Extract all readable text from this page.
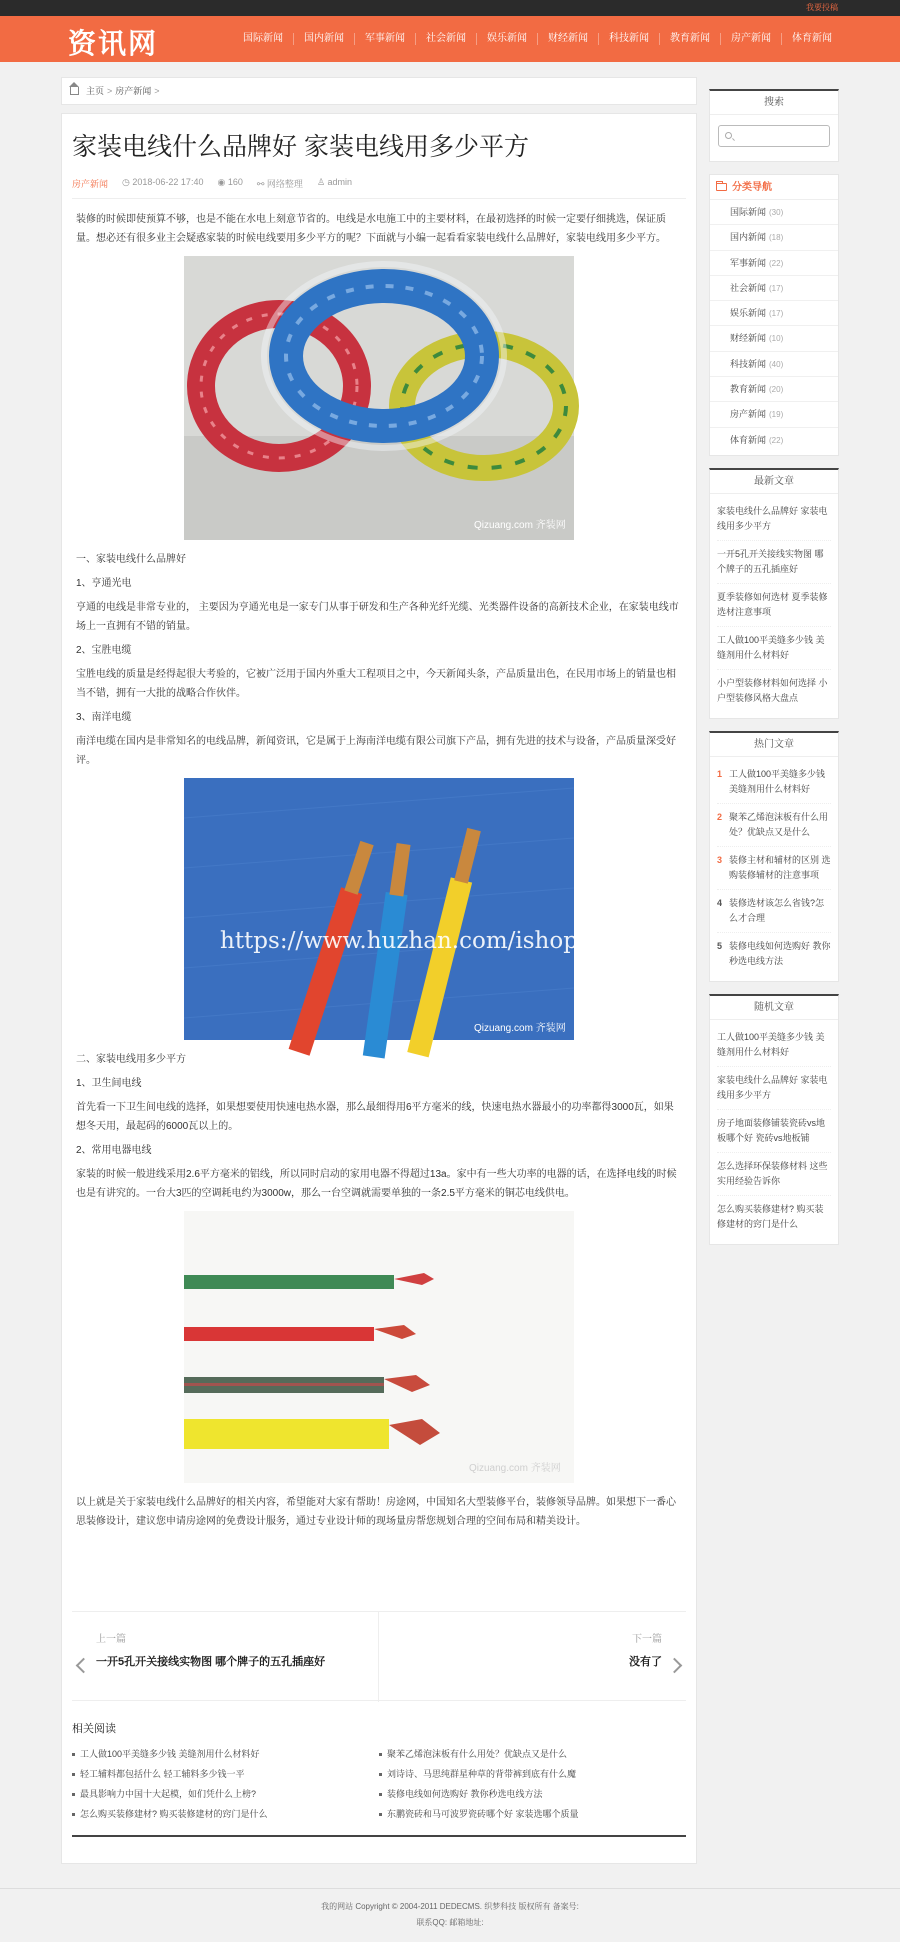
我要投稿
资讯网	国际新闻	国内新闻	军事新闻	社会新闻	娱乐新闻	财经新闻	科技新闻	教育新闻	房产新闻	体育新闻
主页 > 房产新闻 >
家装电线什么品牌好 家装电线用多少平方
房产新闻 ◷ 2018-06-22 17:40 ◉ 160 ⚯ 网络整理 ♙ admin

装修的时候即使预算不够，也是不能在水电上刻意节省的。电线是水电施工中的主要材料，在最初选择的时候一定要仔细挑选，保证质量。想必还有很多业主会疑惑家装的时候电线要用多少平方的呢？下面就与小编一起看看家装电线什么品牌好，家装电线用多少平方。

Qizuang.com 齐装网

一、家装电线什么品牌好

1、亨通光电

亨通的电线是非常专业的， 主要因为亨通光电是一家专门从事于研发和生产各种光纤光缆、光类器件设备的高新技术企业，在家装电线市场上一直拥有不错的销量。

2、宝胜电缆

宝胜电线的质量是经得起很大考验的，它被广泛用于国内外重大工程项目之中，今天新闻头条，产品质量出色，在民用市场上的销量也相当不错，拥有一大批的战略合作伙伴。

3、南洋电缆

南洋电缆在国内是非常知名的电线品牌，新闻资讯，它是属于上海南洋电缆有限公司旗下产品，拥有先进的技术与设备，产品质量深受好评。

https://www.huzhan.com/ishop28806
Qizuang.com 齐装网

二、家装电线用多少平方

1、卫生间电线

首先看一下卫生间电线的选择，如果想要使用快速电热水器，那么最细得用6平方毫米的线，快速电热水器最小的功率都得3000瓦，如果想冬天用，最起码的6000瓦以上的。

2、常用电器电线

家装的时候一般进线采用2.6平方毫米的铝线，所以同时启动的家用电器不得超过13a。家中有一些大功率的电器的话，在选择电线的时候也是有讲究的。一台大3匹的空调耗电约为3000w，那么一台空调就需要单独的一条2.5平方毫米的铜芯电线供电。

Qizuang.com 齐装网

以上就是关于家装电线什么品牌好的相关内容，希望能对大家有帮助！房途网，中国知名大型装修平台，装修领导品牌。如果想下一番心思装修设计，建议您申请房途网的免费设计服务，通过专业设计师的现场量房帮您规划合理的空间布局和精美设计。

上一篇
一开5孔开关接线实物图 哪个牌子的五孔插座好
下一篇
没有了
相关阅读
工人做100平美缝多少钱 美缝剂用什么材料好	聚苯乙烯泡沫板有什么用处？优缺点又是什么
轻工辅料都包括什么 轻工辅料多少钱一平	刘诗诗、马思纯群星种草的背带裤到底有什么魔
最具影响力中国十大起模，如们凭什么上榜?	装修电线如何选购好 教你秒选电线方法
怎么购买装修建材? 购买装修建材的窍门是什么	东鹏瓷砖和马可波罗瓷砖哪个好 家装选哪个质量
搜索
分类导航
国际新闻 (30)
国内新闻 (18)
军事新闻 (22)
社会新闻 (17)
娱乐新闻 (17)
财经新闻 (10)
科技新闻 (40)
教育新闻 (20)
房产新闻 (19)
体育新闻 (22)
最新文章
家装电线什么品牌好 家装电线用多少平方
一开5孔开关接线实物图 哪个牌子的五孔插座好
夏季装修如何选材 夏季装修选材注意事项
工人做100平美缝多少钱 美缝剂用什么材料好
小户型装修材料如何选择 小户型装修风格大盘点
热门文章
1 工人做100平美缝多少钱 美缝剂用什么材料好
2 聚苯乙烯泡沫板有什么用处？优缺点又是什么
3 装修主材和辅材的区别 选购装修辅材的注意事项
4 装修选材该怎么省钱?怎么才合理
5 装修电线如何选购好 教你秒选电线方法
随机文章
工人做100平美缝多少钱 美缝剂用什么材料好
家装电线什么品牌好 家装电线用多少平方
房子地面装修铺装瓷砖vs地板哪个好 瓷砖vs地板铺
怎么选择环保装修材料 这些实用经验告诉你
怎么购买装修建材? 购买装修建材的窍门是什么
我的网站 Copyright © 2004-2011 DEDECMS. 织梦科技 版权所有 备案号:
联系QQ: 邮箱地址:
